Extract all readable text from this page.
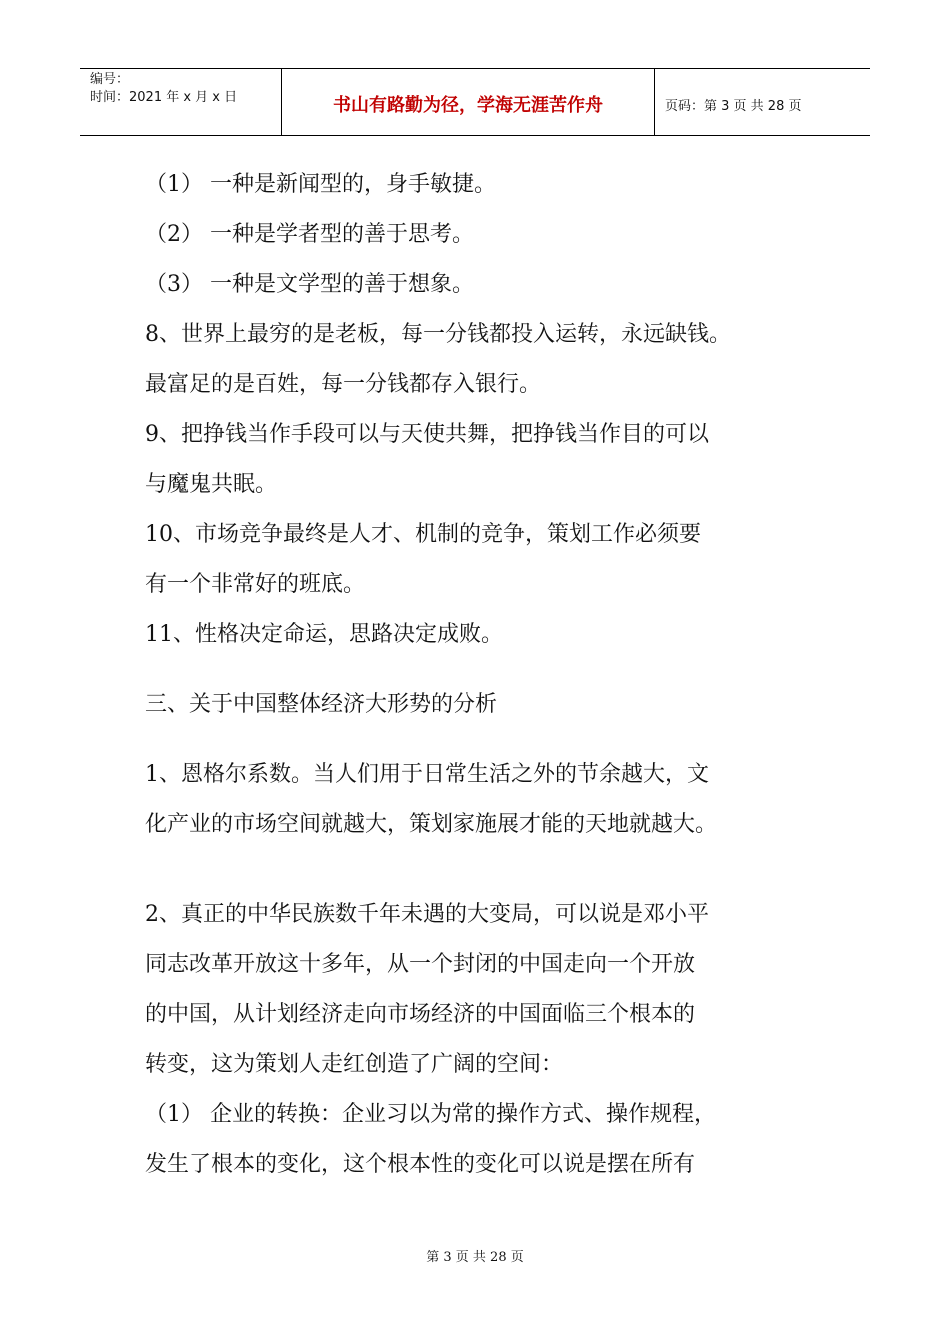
编号：
时间：2021 年 x 月 x 日	书山有路勤为径，学海无涯苦作舟	页码：第 3 页 共 28 页
（1） 一种是新闻型的，身手敏捷。
（2） 一种是学者型的善于思考。
（3） 一种是文学型的善于想象。
8、世界上最穷的是老板，每一分钱都投入运转，永远缺钱。
最富足的是百姓，每一分钱都存入银行。
9、把挣钱当作手段可以与天使共舞，把挣钱当作目的可以
与魔鬼共眠。
10、市场竞争最终是人才、机制的竞争，策划工作必须要
有一个非常好的班底。
11、性格决定命运，思路决定成败。
三、关于中国整体经济大形势的分析
1、恩格尔系数。当人们用于日常生活之外的节余越大，文
化产业的市场空间就越大，策划家施展才能的天地就越大。
2、真正的中华民族数千年未遇的大变局，可以说是邓小平
同志改革开放这十多年，从一个封闭的中国走向一个开放
的中国，从计划经济走向市场经济的中国面临三个根本的
转变，这为策划人走红创造了广阔的空间：
（1） 企业的转换：企业习以为常的操作方式、操作规程，
发生了根本的变化，这个根本性的变化可以说是摆在所有
第 3 页 共 28 页
